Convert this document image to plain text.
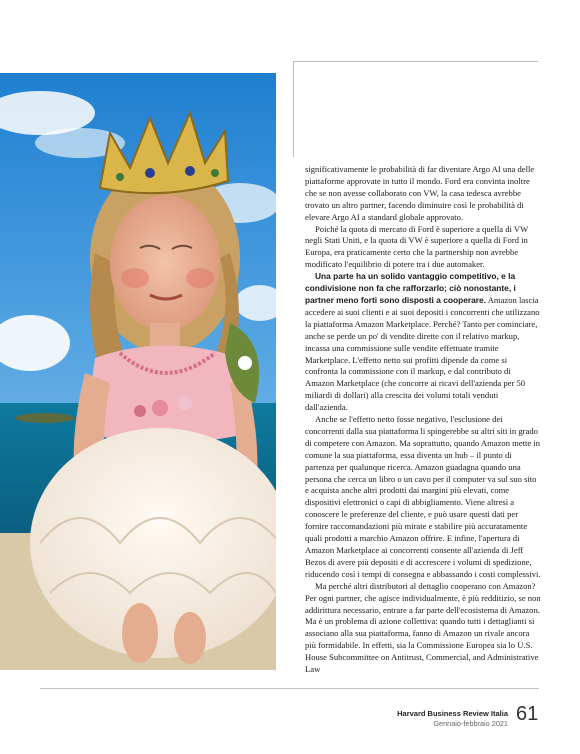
significativamente le probabilità di far diventare Argo AI una delle piattaforme approvate in tutto il mondo. Ford era convinta inoltre che se non avesse collaborato con VW, la casa tedesca avrebbe trovato un altro partner, facendo diminuire così le probabilità di elevare Argo AI a standard globale approvato.

Poiché la quota di mercato di Ford è superiore a quella di VW negli Stati Uniti, e la quota di VW è superiore a quella di Ford in Europa, era praticamente certo che la partnership non avrebbe modificato l'equilibrio di potere tra i due automaker.

Una parte ha un solido vantaggio competitivo, e la condivisione non fa che rafforzarlo; ciò nonostante, i partner meno forti sono disposti a cooperare. Amazon lascia accedere ai suoi clienti e ai suoi depositi i concorrenti che utilizzano la piattaforma Amazon Marketplace. Perché? Tanto per cominciare, anche se perde un po' di vendite dirette con il relativo markup, incassa una commissione sulle vendite effettuate tramite Marketplace. L'effetto netto sui profitti dipende da come si confronta la commissione con il markup, e dal contributo di Amazon Marketplace (che concorre ai ricavi dell'azienda per 50 miliardi di dollari) alla crescita dei volumi totali venduti dall'azienda.

Anche se l'effetto netto fosse negativo, l'esclusione dei concorrenti dalla sua piattaforma li spingerebbe su altri siti in grado di competere con Amazon. Ma soprattutto, quando Amazon mette in comune la sua piattaforma, essa diventa un hub – il punto di partenza per qualunque ricerca. Amazon guadagna quando una persona che cerca un libro o un cavo per il computer va sul suo sito e acquista anche altri prodotti dai margini più elevati, come dispositivi elettronici o capi di abbigliamento. Viene altresì a conoscere le preferenze del cliente, e può usare questi dati per fornire raccomandazioni più mirate e stabilire più accuratamente quali prodotti a marchio Amazon offrire. E infine, l'apertura di Amazon Marketplace ai concorrenti consente all'azienda di Jeff Bezos di avere più depositi e di accrescere i volumi di spedizione, riducendo così i tempi di consegna e abbassando i costi complessivi.

Ma perché altri distributori al dettaglio cooperano con Amazon? Per ogni partner, che agisce individualmente, è più redditizio, se non addirittura necessario, entrare a far parte dell'ecosistema di Amazon. Ma è un problema di azione collettiva: quando tutti i dettaglianti si associano alla sua piattaforma, fanno di Amazon un rivale ancora più formidabile. In effetti, sia la Commissione Europea sia lo U.S. House Subcommittee on Antitrust, Commercial, and Administrative Law

Harvard Business Review Italia
Gennaio-febbraio 2021 61
